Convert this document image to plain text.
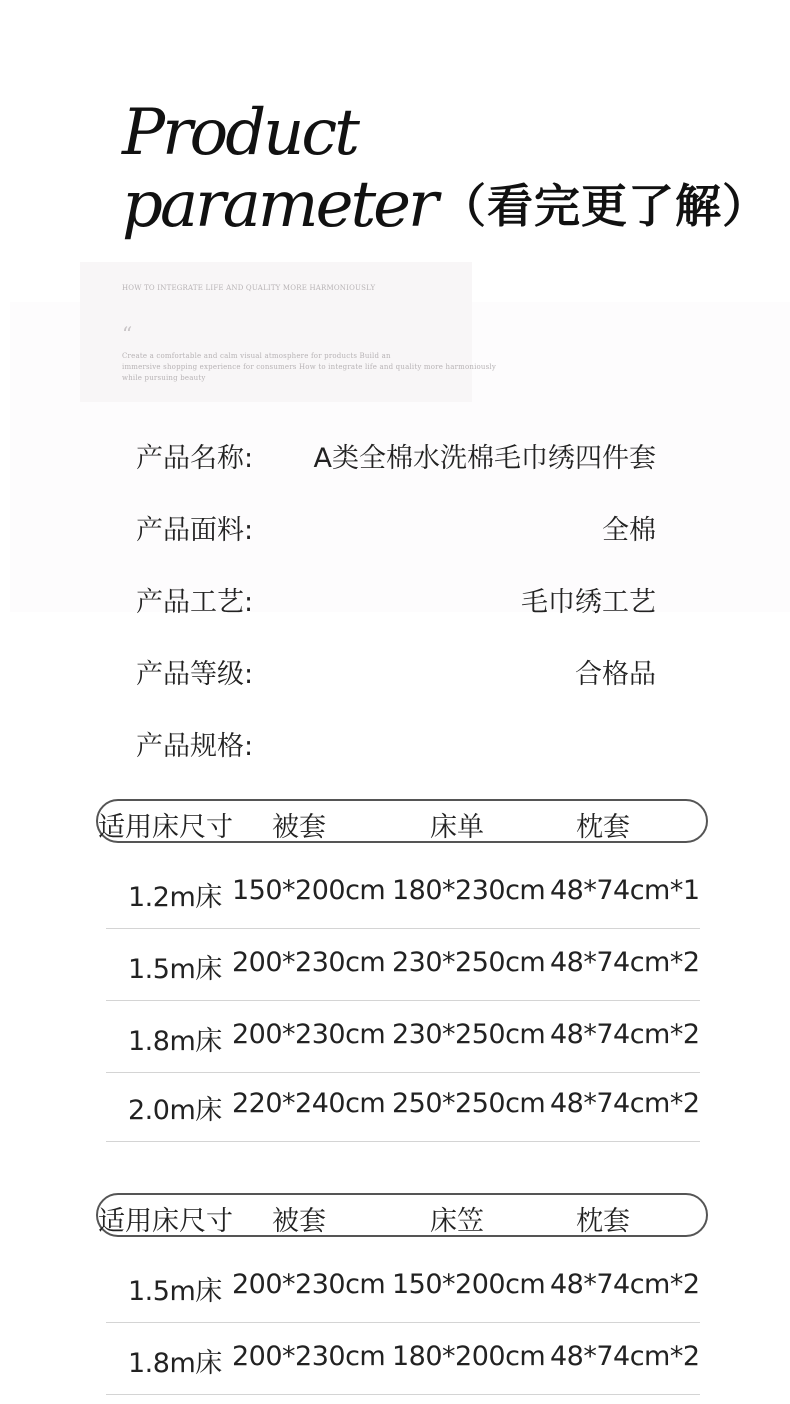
Product
parameter （看完更了解）
HOW TO INTEGRATE LIFE AND QUALITY MORE HARMONIOUSLY
“
Create a comfortable and calm visual atmosphere for products Build an
immersive shopping experience for consumers How to integrate life and quality more harmoniously
while pursuing beauty
产品名称: A类全棉水洗棉毛巾绣四件套
产品面料:	全棉
产品工艺:	毛巾绣工艺
产品等级:	合格品
产品规格:
适用床尺寸 被套	床单	枕套
1.2m床 150*200cm 180*230cm 48*74cm*1
1.5m床 200*230cm 230*250cm 48*74cm*2
1.8m床 200*230cm 230*250cm 48*74cm*2
2.0m床 220*240cm 250*250cm 48*74cm*2
适用床尺寸 被套	床笠	枕套
1.5m床 200*230cm 150*200cm 48*74cm*2
1.8m床 200*230cm 180*200cm 48*74cm*2
